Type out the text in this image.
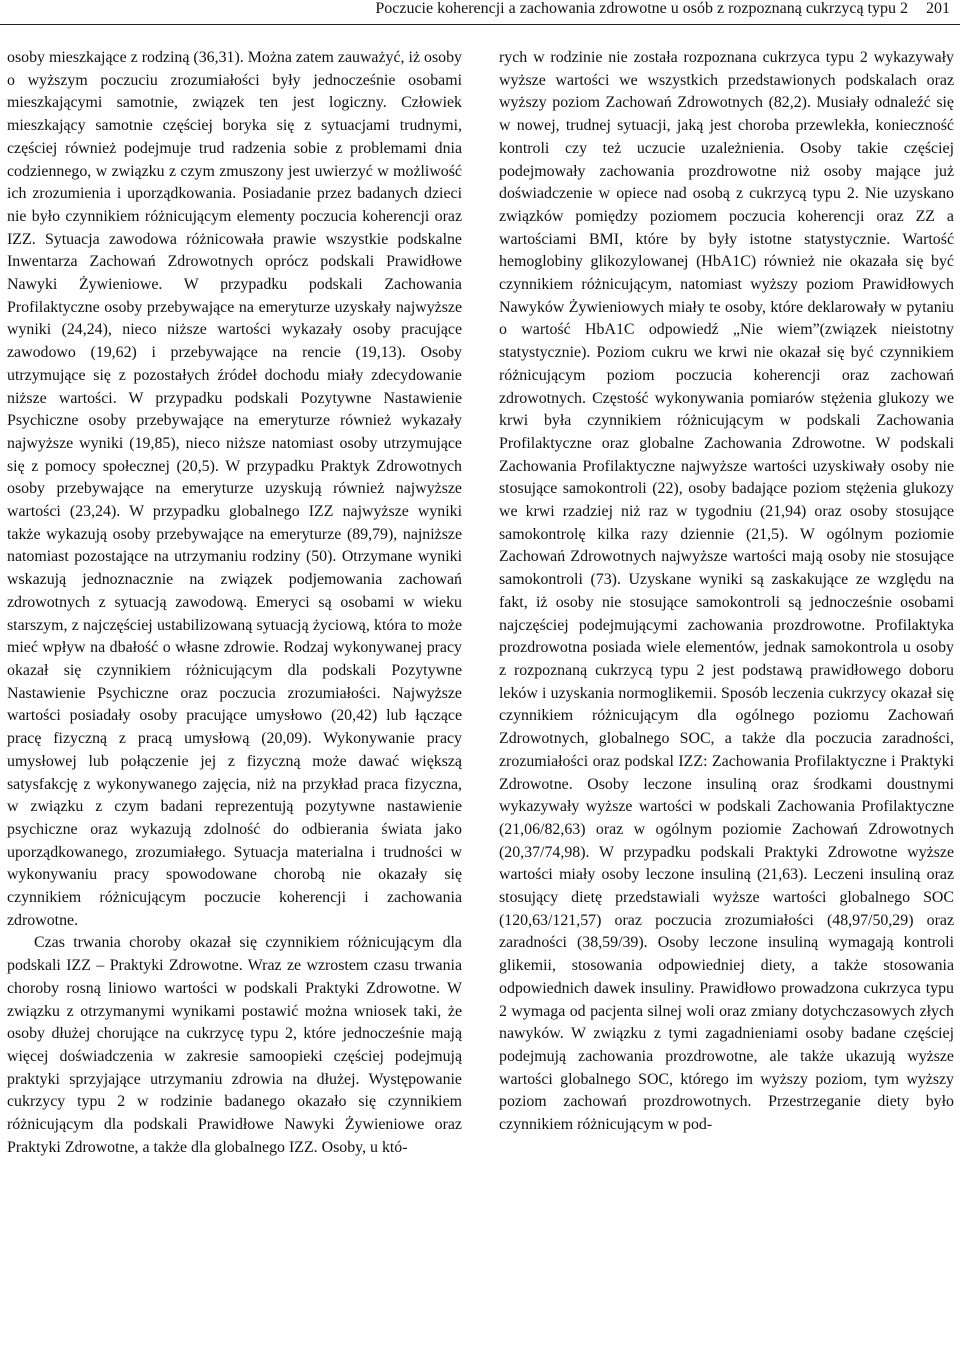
Poczucie koherencji a zachowania zdrowotne u osób z rozpoznaną cukrzycą typu 2 201

osoby mieszkające z rodziną (36,31). Można zatem zauważyć, iż osoby o wyższym poczuciu zrozumiałości były jednocześnie osobami mieszkającymi samotnie, związek ten jest logiczny. Człowiek mieszkający samotnie częściej boryka się z sytuacjami trudnymi, częściej również podejmuje trud radzenia sobie z problemami dnia codziennego, w związku z czym zmuszony jest uwierzyć w możliwość ich zrozumienia i uporządkowania. Posiadanie przez badanych dzieci nie było czynnikiem różnicującym elementy poczucia koherencji oraz IZZ. Sytuacja zawodowa różnicowała prawie wszystkie podskalne Inwentarza Zachowań Zdrowotnych oprócz podskali Prawidłowe Nawyki Żywieniowe. W przypadku podskali Zachowania Profilaktyczne osoby przebywające na emeryturze uzyskały najwyższe wyniki (24,24), nieco niższe wartości wykazały osoby pracujące zawodowo (19,62) i przebywające na rencie (19,13). Osoby utrzymujące się z pozostałych źródeł dochodu miały zdecydowanie niższe wartości. W przypadku podskali Pozytywne Nastawienie Psychiczne osoby przebywające na emeryturze również wykazały najwyższe wyniki (19,85), nieco niższe natomiast osoby utrzymujące się z pomocy społecznej (20,5). W przypadku Praktyk Zdrowotnych osoby przebywające na emeryturze uzyskują również najwyższe wartości (23,24). W przypadku globalnego IZZ najwyższe wyniki także wykazują osoby przebywające na emeryturze (89,79), najniższe natomiast pozostające na utrzymaniu rodziny (50). Otrzymane wyniki wskazują jednoznacznie na związek podjemowania zachowań zdrowotnych z sytuacją zawodową. Emeryci są osobami w wieku starszym, z najczęściej ustabilizowaną sytuacją życiową, która to może mieć wpływ na dbałość o własne zdrowie. Rodzaj wykonywanej pracy okazał się czynnikiem różnicującym dla podskali Pozytywne Nastawienie Psychiczne oraz poczucia zrozumiałości. Najwyższe wartości posiadały osoby pracujące umysłowo (20,42) lub łączące pracę fizyczną z pracą umysłową (20,09). Wykonywanie pracy umysłowej lub połączenie jej z fizyczną może dawać większą satysfakcję z wykonywanego zajęcia, niż na przykład praca fizyczna, w związku z czym badani reprezentują pozytywne nastawienie psychiczne oraz wykazują zdolność do odbierania świata jako uporządkowanego, zrozumiałego. Sytuacja materialna i trudności w wykonywaniu pracy spowodowane chorobą nie okazały się czynnikiem różnicującym poczucie koherencji i zachowania zdrowotne.

Czas trwania choroby okazał się czynnikiem różnicującym dla podskali IZZ – Praktyki Zdrowotne. Wraz ze wzrostem czasu trwania choroby rosną liniowo wartości w podskali Praktyki Zdrowotne. W związku z otrzymanymi wynikami postawić można wniosek taki, że osoby dłużej chorujące na cukrzycę typu 2, które jednocześnie mają więcej doświadczenia w zakresie samoopieki częściej podejmują praktyki sprzyjające utrzymaniu zdrowia na dłużej. Występowanie cukrzycy typu 2 w rodzinie badanego okazało się czynnikiem różnicującym dla podskali Prawidłowe Nawyki Żywieniowe oraz Praktyki Zdrowotne, a także dla globalnego IZZ. Osoby, u któ-

rych w rodzinie nie została rozpoznana cukrzyca typu 2 wykazywały wyższe wartości we wszystkich przedstawionych podskalach oraz wyższy poziom Zachowań Zdrowotnych (82,2). Musiały odnaleźć się w nowej, trudnej sytuacji, jaką jest choroba przewlekła, konieczność kontroli czy też uczucie uzależnienia. Osoby takie częściej podejmowały zachowania prozdrowotne niż osoby mające już doświadczenie w opiece nad osobą z cukrzycą typu 2. Nie uzyskano związków pomiędzy poziomem poczucia koherencji oraz ZZ a wartościami BMI, które by były istotne statystycznie. Wartość hemoglobiny glikozylowanej (HbA1C) również nie okazała się być czynnikiem różnicującym, natomiast wyższy poziom Prawidłowych Nawyków Żywieniowych miały te osoby, które deklarowały w pytaniu o wartość HbA1C odpowiedź „Nie wiem”(związek nieistotny statystycznie). Poziom cukru we krwi nie okazał się być czynnikiem różnicującym poziom poczucia koherencji oraz zachowań zdrowotnych. Częstość wykonywania pomiarów stężenia glukozy we krwi była czynnikiem różnicującym w podskali Zachowania Profilaktyczne oraz globalne Zachowania Zdrowotne. W podskali Zachowania Profilaktyczne najwyższe wartości uzyskiwały osoby nie stosujące samokontroli (22), osoby badające poziom stężenia glukozy we krwi rzadziej niż raz w tygodniu (21,94) oraz osoby stosujące samokontrolę kilka razy dziennie (21,5). W ogólnym poziomie Zachowań Zdrowotnych najwyższe wartości mają osoby nie stosujące samokontroli (73). Uzyskane wyniki są zaskakujące ze względu na fakt, iż osoby nie stosujące samokontroli są jednocześnie osobami najczęściej podejmującymi zachowania prozdrowotne. Profilaktyka prozdrowotna posiada wiele elementów, jednak samokontrola u osoby z rozpoznaną cukrzycą typu 2 jest podstawą prawidłowego doboru leków i uzyskania normoglikemii. Sposób leczenia cukrzycy okazał się czynnikiem różnicującym dla ogólnego poziomu Zachowań Zdrowotnych, globalnego SOC, a także dla poczucia zaradności, zrozumiałości oraz podskal IZZ: Zachowania Profilaktyczne i Praktyki Zdrowotne. Osoby leczone insuliną oraz środkami doustnymi wykazywały wyższe wartości w podskali Zachowania Profilaktyczne (21,06/82,63) oraz w ogólnym poziomie Zachowań Zdrowotnych (20,37/74,98). W przypadku podskali Praktyki Zdrowotne wyższe wartości miały osoby leczone insuliną (21,63). Leczeni insuliną oraz stosujący dietę przedstawiali wyższe wartości globalnego SOC (120,63/121,57) oraz poczucia zrozumiałości (48,97/50,29) oraz zaradności (38,59/39). Osoby leczone insuliną wymagają kontroli glikemii, stosowania odpowiedniej diety, a także stosowania odpowiednich dawek insuliny. Prawidłowo prowadzona cukrzyca typu 2 wymaga od pacjenta silnej woli oraz zmiany dotychczasowych złych nawyków. W związku z tymi zagadnieniami osoby badane częściej podejmują zachowania prozdrowotne, ale także ukazują wyższe wartości globalnego SOC, którego im wyższy poziom, tym wyższy poziom zachowań prozdrowotnych. Przestrzeganie diety było czynnikiem różnicującym w pod-
